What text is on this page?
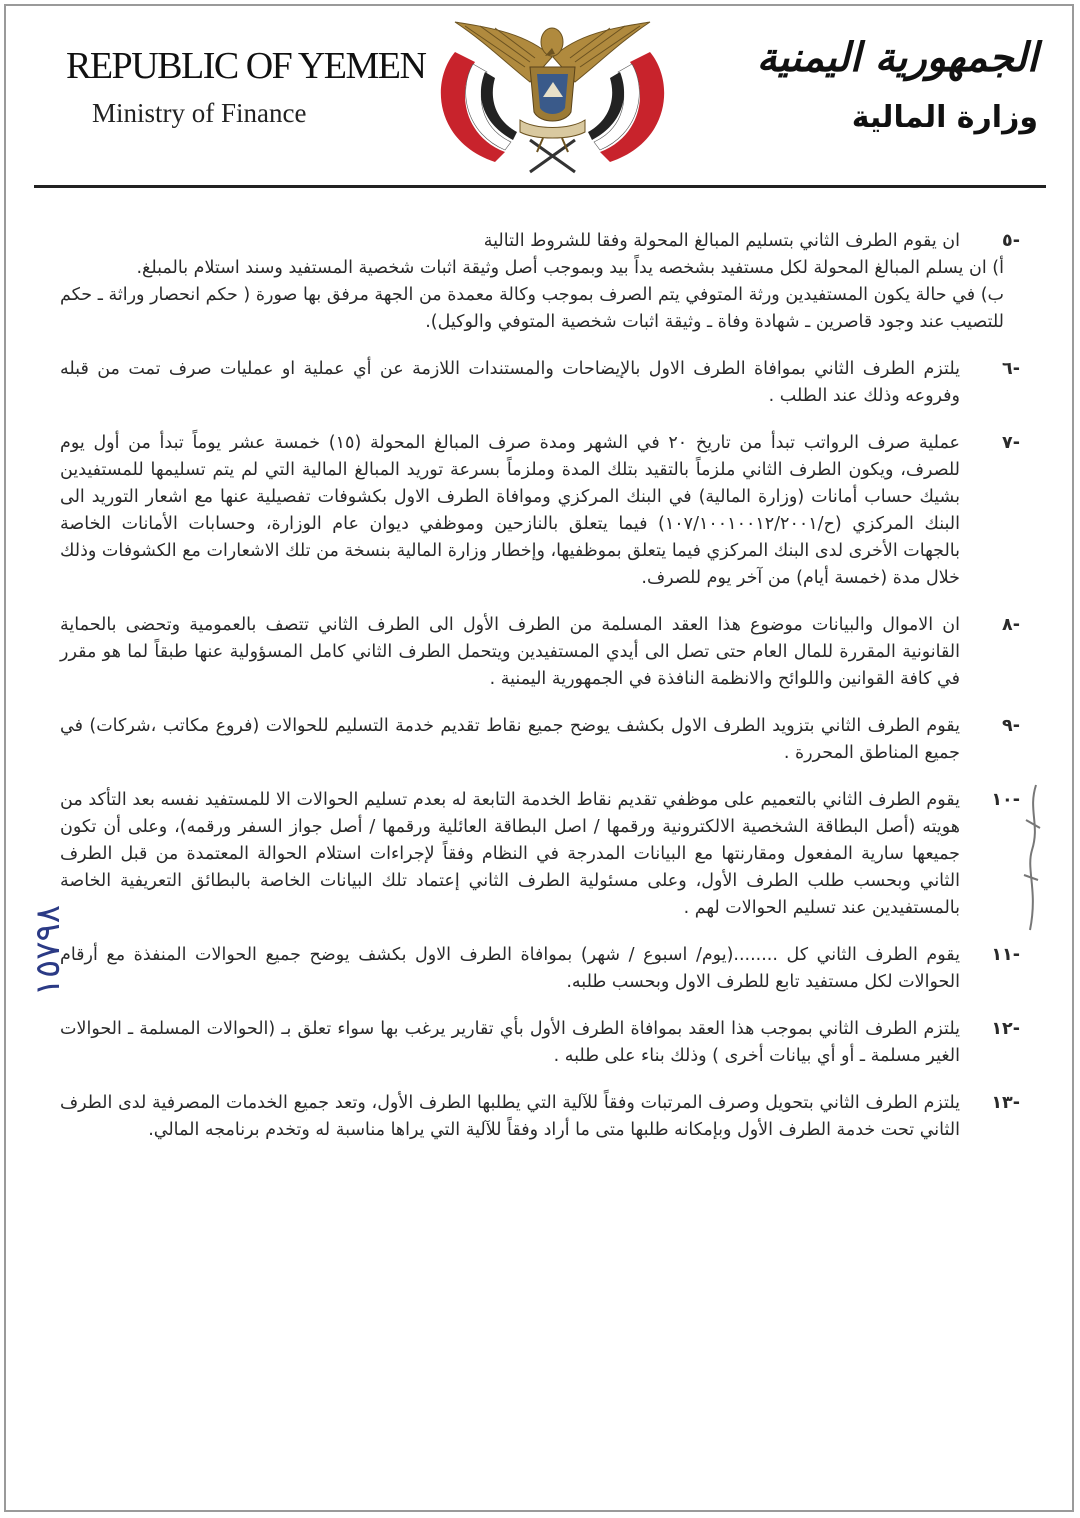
REPUBLIC OF YEMEN
Ministry of Finance
الجمهورية اليمنية
وزارة المالية
-٥
ان يقوم الطرف الثاني بتسليم المبالغ المحولة وفقا للشروط التالية

أ) ان يسلم المبالغ المحولة لكل مستفيد بشخصه يداً بيد وبموجب أصل وثيقة اثبات شخصية المستفيد وسند استلام بالمبلغ.

ب) في حالة يكون المستفيدين ورثة المتوفي يتم الصرف بموجب وكالة معمدة من الجهة مرفق بها صورة ( حكم انحصار وراثة ـ حكم للتصيب عند وجود قاصرين ـ شهادة وفاة ـ وثيقة اثبات شخصية المتوفي والوكيل).

-٦
يلتزم الطرف الثاني بموافاة الطرف الاول بالإيضاحات والمستندات اللازمة عن أي عملية او عمليات صرف تمت من قبله وفروعه وذلك عند الطلب .
-٧
عملية صرف الرواتب تبدأ من تاريخ ٢٠ في الشهر ومدة صرف المبالغ المحولة (١٥) خمسة عشر يوماً تبدأ من أول يوم للصرف، ويكون الطرف الثاني ملزماً بالتقيد بتلك المدة وملزماً بسرعة توريد المبالغ المالية التي لم يتم تسليمها للمستفيدين بشيك حساب أمانات (وزارة المالية) في البنك المركزي وموافاة الطرف الاول بكشوفات تفصيلية عنها مع اشعار التوريد الى البنك المركزي (ح/١٠٧/١٠٠١٠٠١٢/٢٠٠١) فيما يتعلق بالنازحين وموظفي ديوان عام الوزارة، وحسابات الأمانات الخاصة بالجهات الأخرى لدى البنك المركزي فيما يتعلق بموظفيها، وإخطار وزارة المالية بنسخة من تلك الاشعارات مع الكشوفات وذلك خلال مدة (خمسة أيام) من آخر يوم للصرف.
-٨
ان الاموال والبيانات موضوع هذا العقد المسلمة من الطرف الأول الى الطرف الثاني تتصف بالعمومية وتحضى بالحماية القانونية المقررة للمال العام حتى تصل الى أيدي المستفيدين ويتحمل الطرف الثاني كامل المسؤولية عنها طبقاً لما هو مقرر في كافة القوانين واللوائح والانظمة النافذة في الجمهورية اليمنية .
-٩
يقوم الطرف الثاني بتزويد الطرف الاول بكشف يوضح جميع نقاط تقديم خدمة التسليم للحوالات (فروع مكاتب ،شركات) في جميع المناطق المحررة .
-١٠
يقوم الطرف الثاني بالتعميم على موظفي تقديم نقاط الخدمة التابعة له بعدم تسليم الحوالات الا للمستفيد نفسه بعد التأكد من هويته (أصل البطاقة الشخصية الالكترونية ورقمها / اصل البطاقة العائلية ورقمها / أصل جواز السفر ورقمه)، وعلى أن تكون جميعها سارية المفعول ومقارنتها مع البيانات المدرجة في النظام وفقاً لإجراءات استلام الحوالة المعتمدة من قبل الطرف الثاني وبحسب طلب الطرف الأول، وعلى مسئولية الطرف الثاني إعتماد تلك البيانات الخاصة بالبطائق التعريفية الخاصة بالمستفيدين عند تسليم الحوالات لهم .
-١١
يقوم الطرف الثاني كل ........(يوم/ اسبوع / شهر) بموافاة الطرف الاول بكشف يوضح جميع الحوالات المنفذة مع أرقام الحوالات لكل مستفيد تابع للطرف الاول وبحسب طلبه.
-١٢
يلتزم الطرف الثاني بموجب هذا العقد بموافاة الطرف الأول بأي تقارير يرغب بها سواء تعلق بـ (الحوالات المسلمة ـ الحوالات الغير مسلمة ـ أو أي بيانات أخرى ) وذلك بناء على طلبه .
-١٣
يلتزم الطرف الثاني بتحويل وصرف المرتبات وفقاً للآلية التي يطلبها الطرف الأول، وتعد جميع الخدمات المصرفية لدى الطرف الثاني تحت خدمة الطرف الأول وبإمكانه طلبها متى ما أراد وفقاً للآلية التي يراها مناسبة له وتخدم برنامجه المالي.
١٥٧٩٨
